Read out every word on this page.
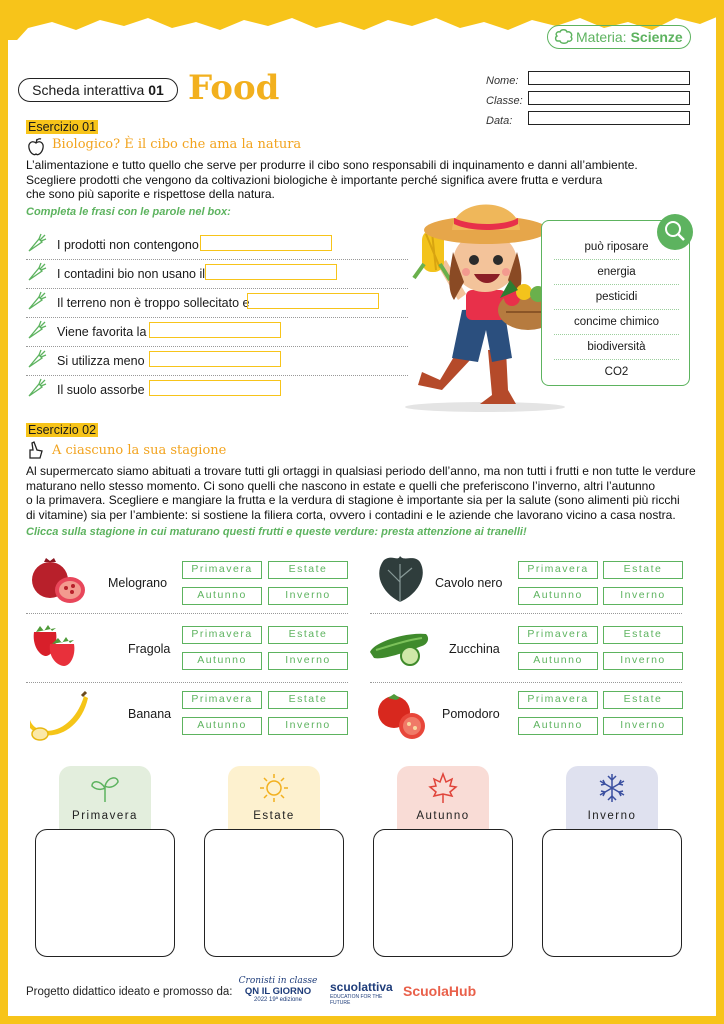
Materia: Scienze
Scheda interattiva 01 Food	Nome:
Classe:
Data:
Esercizio 01
Biologico? È il cibo che ama la natura
L’alimentazione e tutto quello che serve per produrre il cibo sono responsabili di inquinamento e danni all’ambiente.
Scegliere prodotti che vengono da coltivazioni biologiche è importante perché significa avere frutta e verdura
che sono più saporite e rispettose della natura.
Completa le frasi con le parole nel box:
I prodotti non contengono
I contadini bio non usano il
Il terreno non è troppo sollecitato e
Viene favorita la
Si utilizza meno
Il suolo assorbe
può riposare
energia
pesticidi
concime chimico
biodiversità
CO2
Esercizio 02
A ciascuno la sua stagione
Al supermercato siamo abituati a trovare tutti gli ortaggi in qualsiasi periodo dell’anno, ma non tutti i frutti e non tutte le verdure
maturano nello stesso momento. Ci sono quelli che nascono in estate e quelli che preferiscono l’inverno, altri l’autunno
o la primavera. Scegliere e mangiare la frutta e la verdura di stagione è importante sia per la salute (sono alimenti più ricchi
di vitamine) sia per l’ambiente: si sostiene la filiera corta, ovvero i contadini e le aziende che lavorano vicino a casa nostra.
Clicca sulla stagione in cui maturano questi frutti e queste verdure: presta attenzione ai tranelli!
Melograno
Primavera	Estate
Autunno	Inverno
Cavolo nero
Primavera	Estate
Autunno	Inverno
Fragola
Primavera	Estate
Autunno	Inverno
Zucchina
Primavera	Estate
Autunno	Inverno
Banana
Primavera	Estate
Autunno	Inverno
Pomodoro
Primavera	Estate
Autunno	Inverno
Primavera	Estate	Autunno	Inverno
Progetto didattico ideato e promosso da:
Cronisti in classe
QN IL GIORNO
2022 19ª edizione
scuolattiva
EDUCATION FOR THE FUTURE
ScuolaHub
